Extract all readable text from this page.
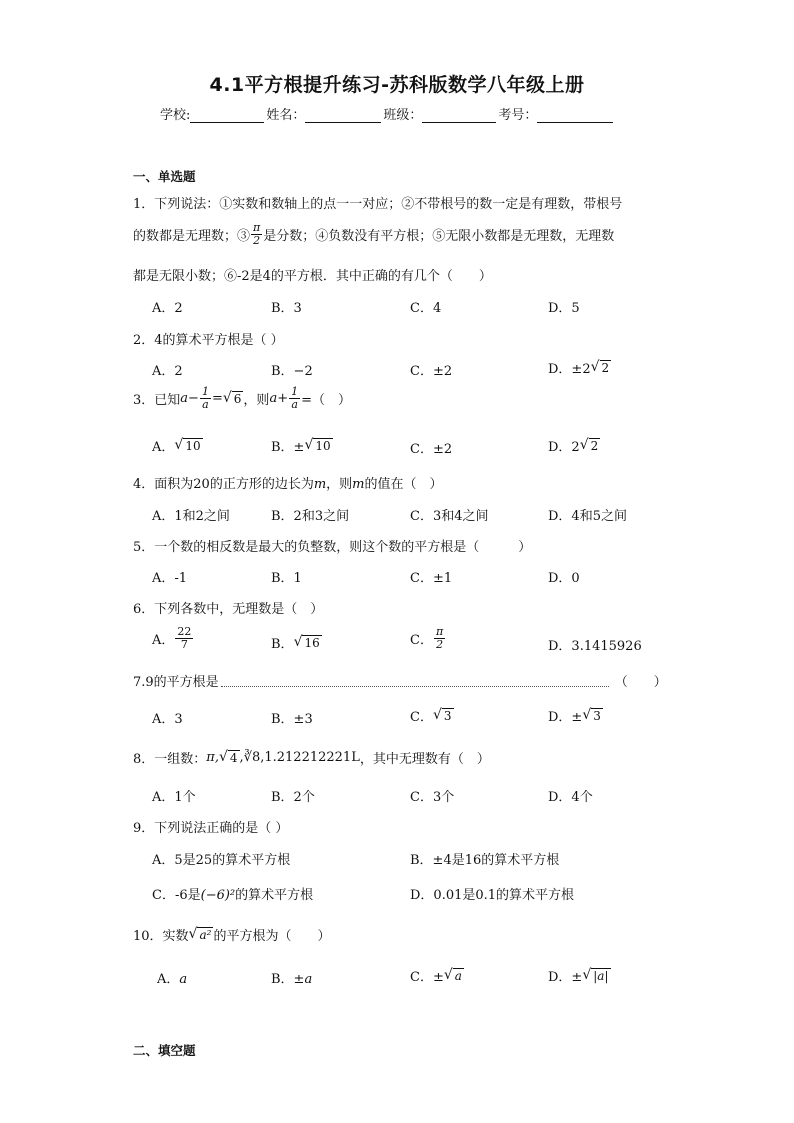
4.1平方根提升练习-苏科版数学八年级上册
学校:	姓名：	班级：	考号：
一、单选题
1．下列说法：①实数和数轴上的点一一对应；②不带根号的数一定是有理数，带根号
的数都是无理数；③ $\frac{\pi}{2}$ 是分数；④负数没有平方根；⑤无限小数都是无理数，无理数
都是无限小数；⑥-2是4的平方根．其中正确的有几个（　　）
A．2	B．3	C．4	D．5
2．4的算术平方根是（ ）
A．2	B．−2	C．±2	D．±2 √ 2
3．已知 $a - \frac{1}{a}$ = √ 6 ，则 $a + \frac{1}{a}$ =（　）
A． √ 10	B．± √ 10	C．±2	D．2 √ 2
4．面积为20的正方形的边长为m，则m的值在（　）
A．1和2之间	B．2和3之间	C．3和4之间	D．4和5之间
5．一个数的相反数是最大的负整数，则这个数的平方根是（　　　）
A．-1	B．1	C．±1	D．0
6．下列各数中，无理数是（　）
A． $\frac{22}{7}$	B． √ 16	C． $\frac{\pi}{2}$	D．3.1415926
7.9的平方根是	（　　）
A．3	B．±3	C． √ 3	D．± √ 3
8．一组数： π, √ 4 ,∛8,1.212212221L ，其中无理数有（　）
A．1个	B．2个	C．3个	D．4个
9．下列说法正确的是（ ）
A．5是25的算术平方根	B．±4是16的算术平方根
C．-6是(−6)²的算术平方根	D．0.01是0.1的算术平方根
10．实数 √ a² 的平方根为（　　）
A．a	B．±a	C．± √ a	D．± √ |a|
二、填空题
